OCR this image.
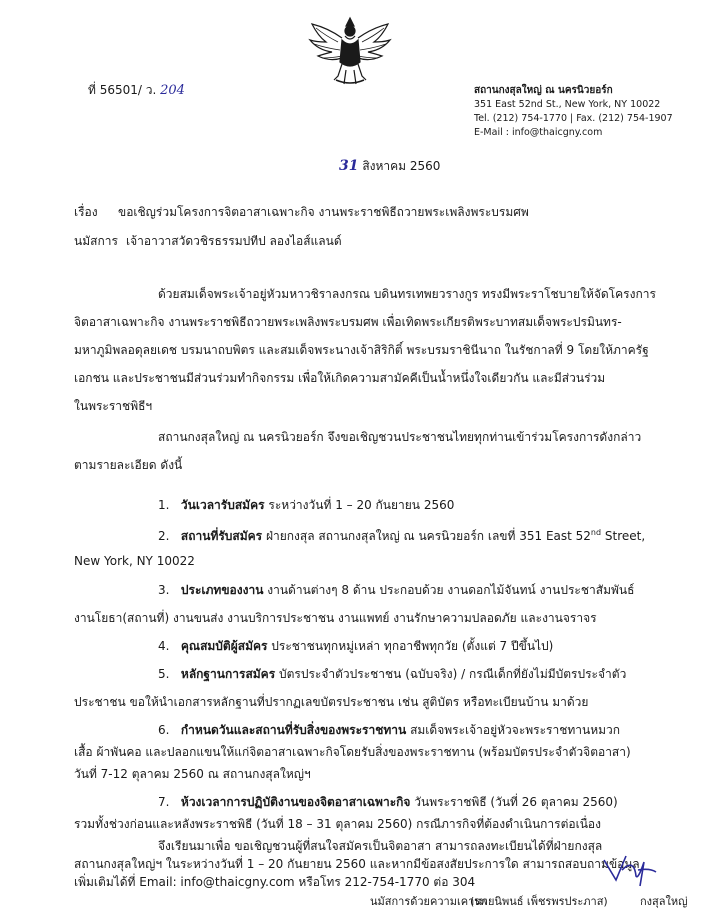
ที่ 56501/ ว. 204	สถานกงสุลใหญ่ ณ นครนิวยอร์ก
351 East 52nd St., New York, NY 10022
Tel. (212) 754-1770 | Fax. (212) 754-1907
E-Mail : info@thaicgny.com
31 สิงหาคม 2560
เรื่อง ขอเชิญร่วมโครงการจิตอาสาเฉพาะกิจ งานพระราชพิธีถวายพระเพลิงพระบรมศพ
นมัสการ เจ้าอาวาสวัดวชิรธรรมปทีป ลองไอส์แลนด์
ด้วยสมเด็จพระเจ้าอยู่หัวมหาวชิราลงกรณ บดินทรเทพยวรางกูร ทรงมีพระราโชบายให้จัดโครงการ
จิตอาสาเฉพาะกิจ งานพระราชพิธีถวายพระเพลิงพระบรมศพ เพื่อเทิดพระเกียรติพระบาทสมเด็จพระปรมินทร-
มหาภูมิพลอดุลยเดช บรมนาถบพิตร และสมเด็จพระนางเจ้าสิริกิติ์ พระบรมราชินีนาถ ในรัชกาลที่ 9 โดยให้ภาครัฐ
เอกชน และประชาชนมีส่วนร่วมทำกิจกรรม เพื่อให้เกิดความสามัคคีเป็นน้ำหนึ่งใจเดียวกัน และมีส่วนร่วม
ในพระราชพิธีฯ
สถานกงสุลใหญ่ ณ นครนิวยอร์ก จึงขอเชิญชวนประชาชนไทยทุกท่านเข้าร่วมโครงการดังกล่าว
ตามรายละเอียด ดังนี้
1. วันเวลารับสมัคร ระหว่างวันที่ 1 – 20 กันยายน 2560
2. สถานที่รับสมัคร ฝ่ายกงสุล สถานกงสุลใหญ่ ณ นครนิวยอร์ก เลขที่ 351 East 52nd Street,
New York, NY 10022
3. ประเภทของงาน งานด้านต่างๆ 8 ด้าน ประกอบด้วย งานดอกไม้จันทน์ งานประชาสัมพันธ์
งานโยธา(สถานที่) งานขนส่ง งานบริการประชาชน งานแพทย์ งานรักษาความปลอดภัย และงานจราจร
4. คุณสมบัติผู้สมัคร ประชาชนทุกหมู่เหล่า ทุกอาชีพทุกวัย (ตั้งแต่ 7 ปีขึ้นไป)
5. หลักฐานการสมัคร บัตรประจำตัวประชาชน (ฉบับจริง) / กรณีเด็กที่ยังไม่มีบัตรประจำตัว
ประชาชน ขอให้นำเอกสารหลักฐานที่ปรากฏเลขบัตรประชาชน เช่น สูติบัตร หรือทะเบียนบ้าน มาด้วย
6. กำหนดวันและสถานที่รับสิ่งของพระราชทาน สมเด็จพระเจ้าอยู่หัวจะพระราชทานหมวก
เสื้อ ผ้าพันคอ และปลอกแขนให้แก่จิตอาสาเฉพาะกิจโดยรับสิ่งของพระราชทาน (พร้อมบัตรประจำตัวจิตอาสา)
วันที่ 7-12 ตุลาคม 2560 ณ สถานกงสุลใหญ่ฯ
7. ห้วงเวลาการปฏิบัติงานของจิตอาสาเฉพาะกิจ วันพระราชพิธี (วันที่ 26 ตุลาคม 2560)
รวมทั้งช่วงก่อนและหลังพระราชพิธี (วันที่ 18 – 31 ตุลาคม 2560) กรณีภารกิจที่ต้องดำเนินการต่อเนื่อง
จึงเรียนมาเพื่อ ขอเชิญชวนผู้ที่สนใจสมัครเป็นจิตอาสา สามารถลงทะเบียนได้ที่ฝ่ายกงสุล
สถานกงสุลใหญ่ฯ ในระหว่างวันที่ 1 – 20 กันยายน 2560 และหากมีข้อสงสัยประการใด สามารถสอบถามข้อมูล
เพิ่มเติมได้ที่ Email: info@thaicgny.com หรือโทร 212-754-1770 ต่อ 304
นมัสการด้วยความเคารพ
(นายนิพนธ์ เพ็ชรพรประภาส)	กงสุลใหญ่
